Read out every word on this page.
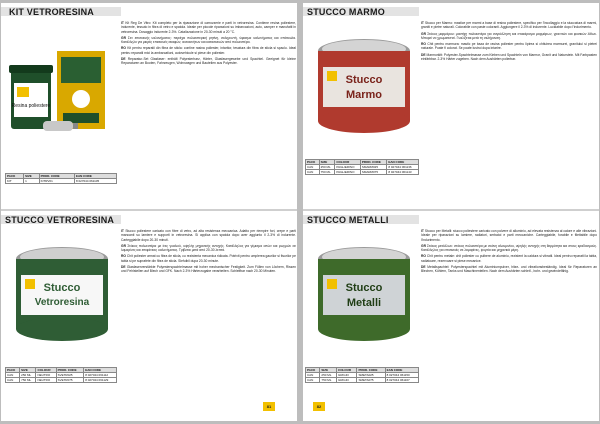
KIT VETRORESINA
Resina poliestere

IT Kit Reg De Vitro: Kit completo per la riparazione di carrozzerie e parti in vetroresina. Contiene resina poliestere, indurente, tessuto in fibra di vetro e spatola. Ideale per piccole riparazioni su imbarcazioni, auto, camper e manufatti in vetroresina. Dosaggio indurente 2-3%. Catalizzazione in 20-30 minuti a 20 °C.

GR Σετ επισκευής υαλονήματος: περιέχει πολυεστερική ρητίνη, σκληρυντή, ύφασμα υαλονήματος και σπάτουλα. Κατάλληλο για μικρές επισκευές σκαφών, αυτοκινήτων και κατασκευών από πολυεστέρα.

RO Kit pentru reparatii din fibra de sticla: contine rasina poliester, intaritor, tesatura din fibra de sticla si spaclu. Ideal pentru reparatii mici la ambarcatiuni, autovehicule si piese din poliester.

DE Reparatur-Set Glasfaser: enthält Polyesterharz, Härter, Glasfasergewebe und Spachtel. Geeignet für kleine Reparaturen an Booten, Fahrzeugen, Wohnwagen und Bauteilen aus Polyester.

PACK	SIZE	PROD. CODE	EAN CODE
KIT	1	KITRV01	8 027044 061105
STUCCO VETRORESINA
Stucco
Vetroresina

IT Stucco poliestere caricato con fibre di vetro, ad alta resistenza meccanica. Adatto per riempire fori, crepe e parti mancanti su lamiere e supporti in vetroresina. Si applica con spatola dopo aver aggiunto il 2-3% di indurente. Carteggiabile dopo 20-30 minuti.

GR Στόκος πολυεστέρα με ίνες γυαλιού, υψηλής μηχανικής αντοχής. Κατάλληλος για γέμισμα οπών και ρωγμών σε λαμαρίνες και επιφάνειες υαλονήματος. Τρίβεται μετά από 20-30 λεπτά.

RO Chit poliester armat cu fibra de sticla, cu rezistenta mecanica ridicata. Potrivit pentru umplerea gaurilor si fisurilor pe tabla si pe suprafete din fibra de sticla. Slefuibil dupa 20-30 minute.

DE Glasfaserverstärkte Polyesterspachtelmasse mit hoher mechanischer Festigkeit. Zum Füllen von Löchern, Rissen und Fehlstellen auf Blech und GFK. Nach 2-3% Härterzugabe verarbeiten. Schleifbar nach 20-30 Minuten.

PACK	SIZE	COLOUR	PROD. CODE	EAN CODE
CAN	250 ML	NEUTRO	SVETR025	8 027044 061112
CAN	750 ML	NEUTRO	SVETR075	8 027044 061129
81
STUCCO MARMO
Stucco
Marmo

IT Stucco per Marmo: mastice per marmi a base di resina poliestere, specifico per l'incollaggio e la stuccatura di marmi, graniti e pietre naturali. Colorabile con paste coloranti. Aggiungere il 2-3% di indurente. Lucidabile dopo l'indurimento.

GR Στόκος μαρμάρου: μαστίχη πολυεστέρα για συγκόλληση και στοκάρισμα μαρμάρων, γρανιτών και φυσικών λίθων. Μπορεί να χρωματιστεί. Γυαλίζεται μετά τη σκλήρυνση.

RO Chit pentru marmura: mastic pe baza de rasina poliester pentru lipirea si chituirea marmurei, granitului si pietrei naturale. Poate fi colorat. Se poate lustrui dupa intarire.

DE Marmorkitt: Polyester-Spachtelmasse zum Kleben und Spachteln von Marmor, Granit und Naturstein. Mit Farbpasten einfärbbar. 2-3% Härter zugeben. Nach dem Aushärten polierbar.

PACK	SIZE	COLOUR	PROD. CODE	EAN CODE
CAN	250 ML	PAGLIERINO	SMARM025	8 027044 061136
CAN	750 ML	PAGLIERINO	SMARM075	8 027044 061143
STUCCO METALLI
Stucco
Metalli

IT Stucco per Metalli: stucco poliestere caricato con polvere di alluminio, ad elevata resistenza al calore e alle vibrazioni. Ideale per riparazioni su lamiere, radiatori, serbatoi e parti meccaniche. Carteggiabile, forabile e filettabile dopo l'indurimento.

GR Στόκος μετάλλων: στόκος πολυεστέρα με σκόνη αλουμινίου, υψηλής αντοχής στη θερμότητα και στους κραδασμούς. Κατάλληλος για επισκευές σε λαμαρίνες, ψυγεία και μηχανικά μέρη.

RO Chit pentru metale: chit poliester cu pulbere de aluminiu, rezistent la caldura si vibratii. Ideal pentru reparatii la tabla, radiatoare, rezervoare si piese mecanice.

DE Metallspachtel: Polyesterspachtel mit Aluminiumpulver, hitze- und vibrationsbeständig. Ideal für Reparaturen an Blechen, Kühlern, Tanks und Maschinenteilen. Nach dem Aushärten schleif-, bohr- und gewindefähig.

PACK	SIZE	COLOUR	PROD. CODE	EAN CODE
CAN	250 ML	GRIGIO	SMETA025	8 027044 061150
CAN	750 ML	GRIGIO	SMETA075	8 027044 061167
82
